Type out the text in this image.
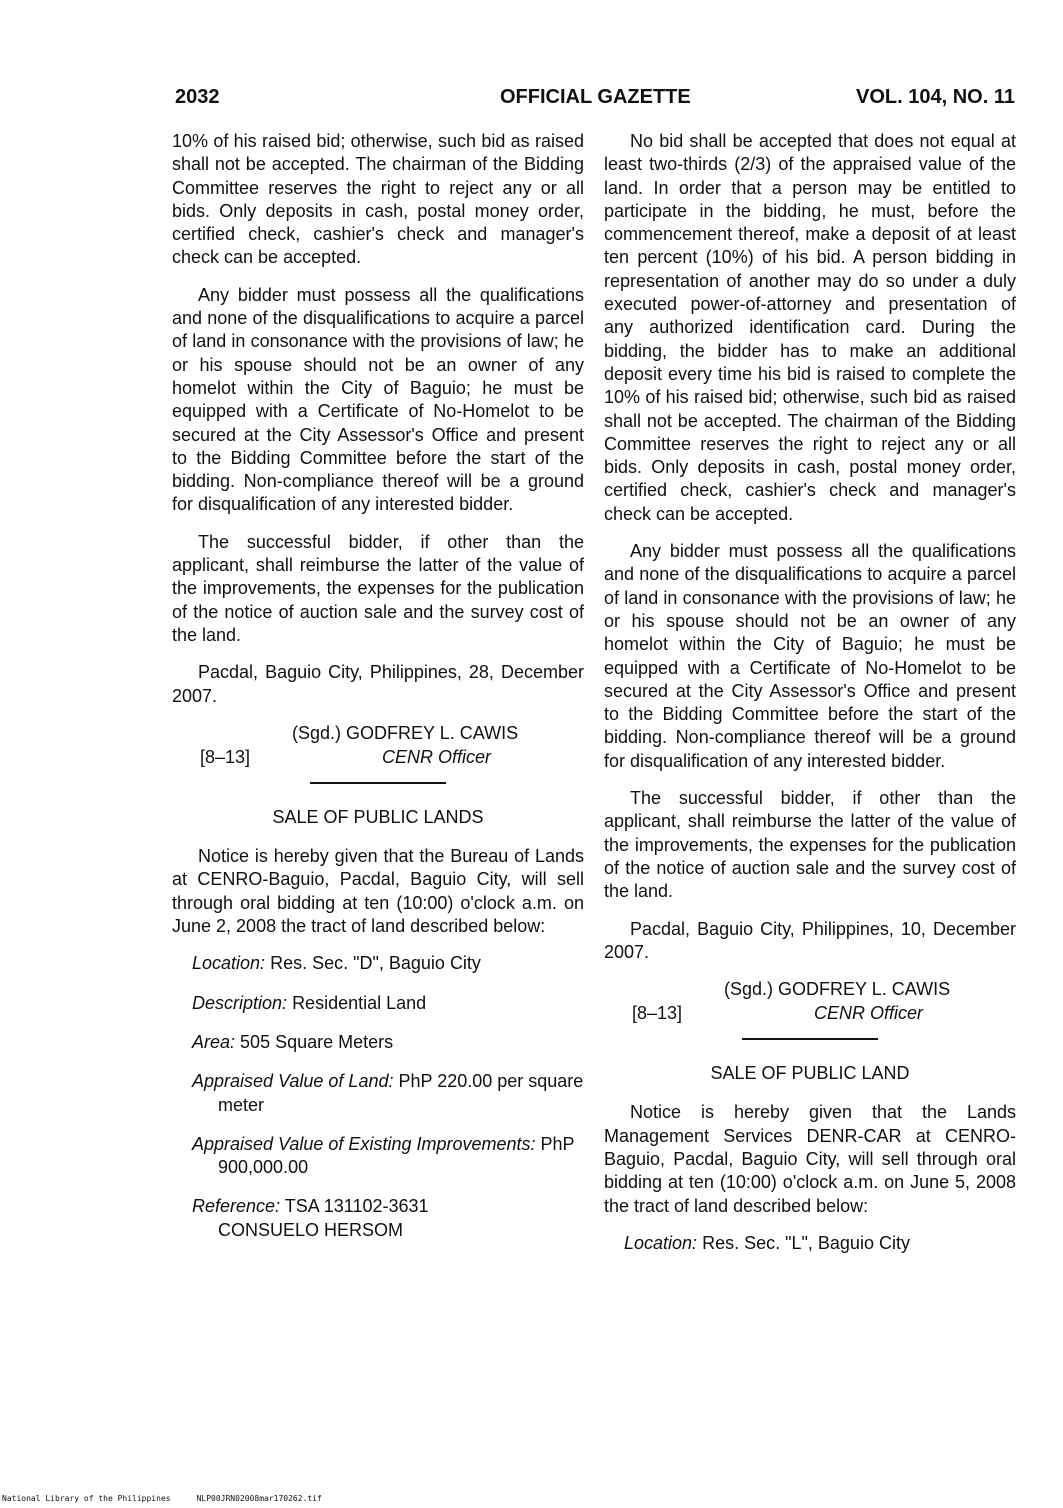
2032	OFFICIAL GAZETTE	VOL. 104, NO. 11

10% of his raised bid; otherwise, such bid as raised shall not be accepted. The chairman of the Bidding Committee reserves the right to reject any or all bids. Only deposits in cash, postal money order, certified check, cashier's check and manager's check can be accepted.

Any bidder must possess all the qualifications and none of the disqualifications to acquire a parcel of land in consonance with the provisions of law; he or his spouse should not be an owner of any homelot within the City of Baguio; he must be equipped with a Certificate of No-Homelot to be secured at the City Assessor's Office and present to the Bidding Committee before the start of the bidding. Non-compliance thereof will be a ground for disqualification of any interested bidder.

The successful bidder, if other than the applicant, shall reimburse the latter of the value of the improvements, the expenses for the publication of the notice of auction sale and the survey cost of the land.

Pacdal, Baguio City, Philippines, 28, December 2007.

(Sgd.) GODFREY L. CAWIS
[8–13]	CENR Officer
SALE OF PUBLIC LANDS

Notice is hereby given that the Bureau of Lands at CENRO-Baguio, Pacdal, Baguio City, will sell through oral bidding at ten (10:00) o'clock a.m. on June 2, 2008 the tract of land described below:

Location: Res. Sec. "D", Baguio City
Description: Residential Land
Area: 505 Square Meters
Appraised Value of Land: PhP 220.00 per square meter
Appraised Value of Existing Improvements: PhP 900,000.00
Reference: TSA 131102-3631
CONSUELO HERSOM

No bid shall be accepted that does not equal at least two-thirds (2/3) of the appraised value of the land. In order that a person may be entitled to participate in the bidding, he must, before the commencement thereof, make a deposit of at least ten percent (10%) of his bid. A person bidding in representation of another may do so under a duly executed power-of-attorney and presentation of any authorized identification card. During the bidding, the bidder has to make an additional deposit every time his bid is raised to complete the 10% of his raised bid; otherwise, such bid as raised shall not be accepted. The chairman of the Bidding Committee reserves the right to reject any or all bids. Only deposits in cash, postal money order, certified check, cashier's check and manager's check can be accepted.

Any bidder must possess all the qualifications and none of the disqualifications to acquire a parcel of land in consonance with the provisions of law; he or his spouse should not be an owner of any homelot within the City of Baguio; he must be equipped with a Certificate of No-Homelot to be secured at the City Assessor's Office and present to the Bidding Committee before the start of the bidding. Non-compliance thereof will be a ground for disqualification of any interested bidder.

The successful bidder, if other than the applicant, shall reimburse the latter of the value of the improvements, the expenses for the publication of the notice of auction sale and the survey cost of the land.

Pacdal, Baguio City, Philippines, 10, December 2007.

(Sgd.) GODFREY L. CAWIS
[8–13]	CENR Officer
SALE OF PUBLIC LAND

Notice is hereby given that the Lands Management Services DENR-CAR at CENRO-Baguio, Pacdal, Baguio City, will sell through oral bidding at ten (10:00) o'clock a.m. on June 5, 2008 the tract of land described below:

Location: Res. Sec. "L", Baguio City
National Library of the Philippines	NLP00JRN02008mar170262.tif
